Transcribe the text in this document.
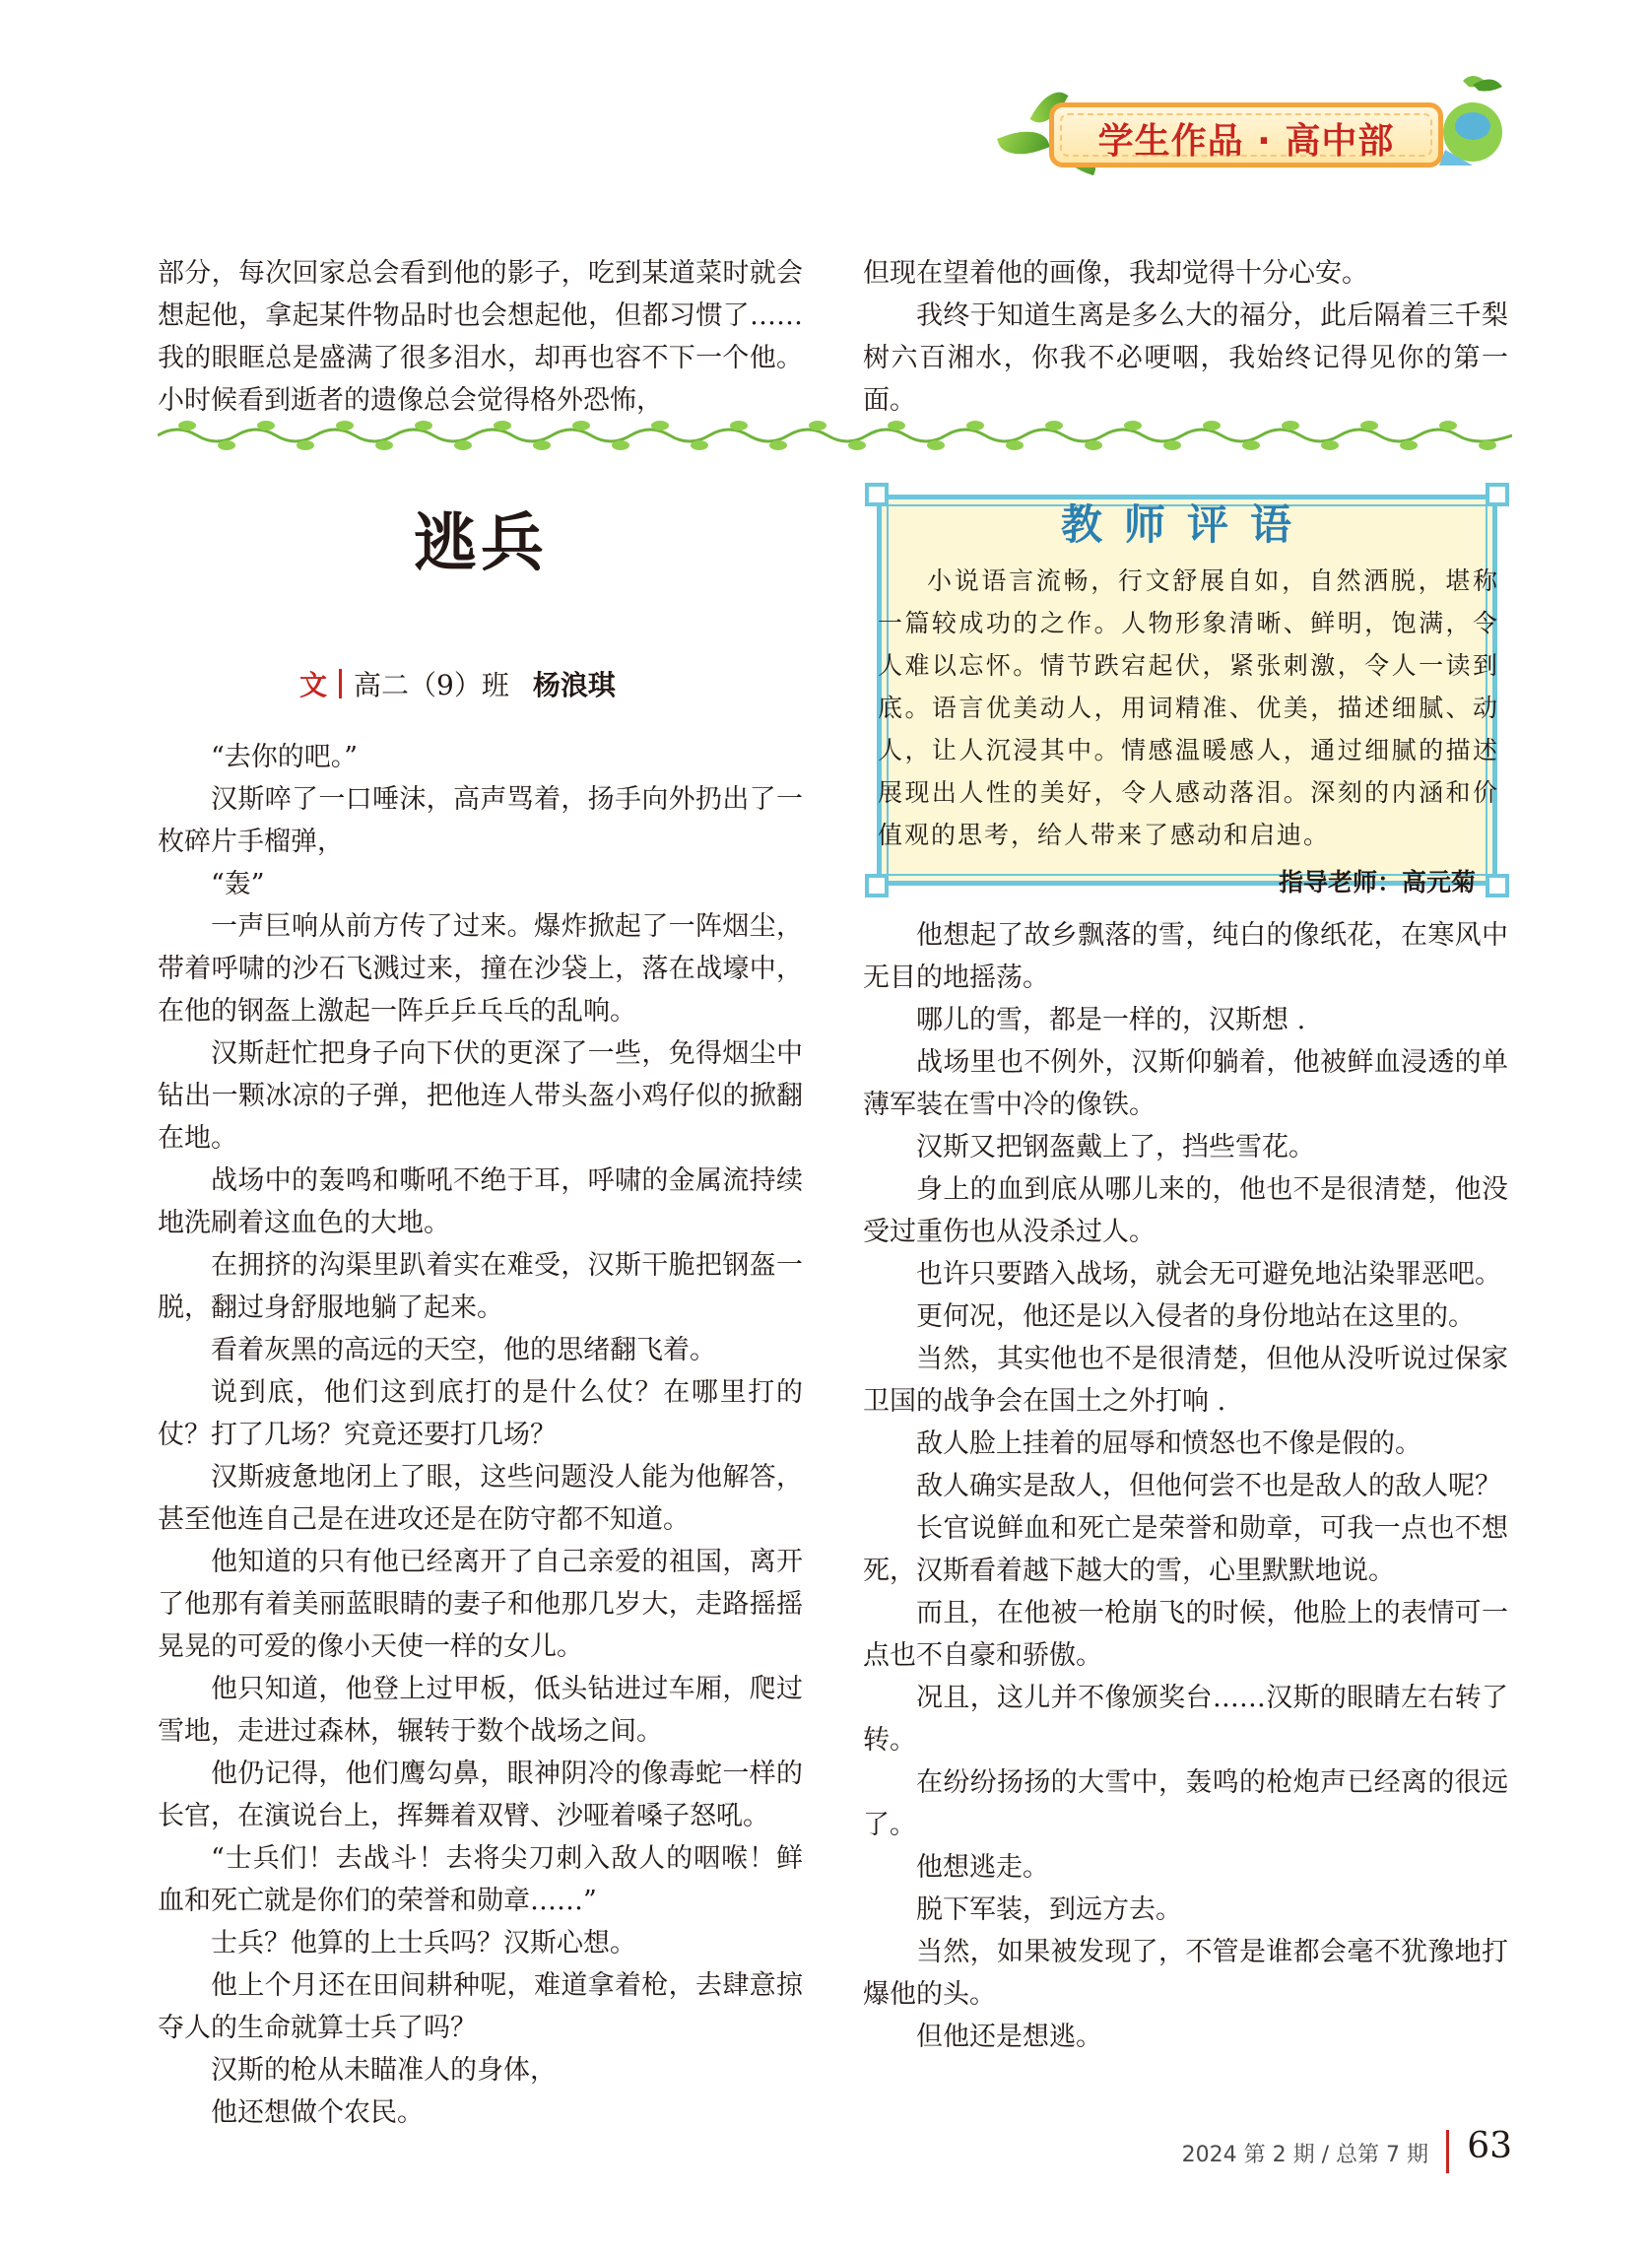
学生作品 · 高中部

部分，每次回家总会看到他的影子，吃到某道菜时就会想起他，拿起某件物品时也会想起他，但都习惯了……我的眼眶总是盛满了很多泪水，却再也容不下一个他。小时候看到逝者的遗像总会觉得格外恐怖，

但现在望着他的画像，我却觉得十分心安。

我终于知道生离是多么大的福分，此后隔着三千梨树六百湘水，你我不必哽咽，我始终记得见你的第一面。

逃兵
文 高二（9）班 杨浪琪
教师评语
小说语言流畅，行文舒展自如，自然洒脱，堪称一篇较成功的之作。人物形象清晰、鲜明，饱满，令人难以忘怀。情节跌宕起伏，紧张刺激，令人一读到底。语言优美动人，用词精准、优美，描述细腻、动人，让人沉浸其中。情感温暖感人，通过细腻的描述展现出人性的美好，令人感动落泪。深刻的内涵和价值观的思考，给人带来了感动和启迪。
指导老师：高元菊

“去你的吧。”

汉斯啐了一口唾沫，高声骂着，扬手向外扔出了一枚碎片手榴弹，

“轰”

一声巨响从前方传了过来。爆炸掀起了一阵烟尘，带着呼啸的沙石飞溅过来，撞在沙袋上，落在战壕中，在他的钢盔上激起一阵乒乒乓乓的乱响。

汉斯赶忙把身子向下伏的更深了一些，免得烟尘中钻出一颗冰凉的子弹，把他连人带头盔小鸡仔似的掀翻在地。

战场中的轰鸣和嘶吼不绝于耳，呼啸的金属流持续地洗刷着这血色的大地。

在拥挤的沟渠里趴着实在难受，汉斯干脆把钢盔一脱，翻过身舒服地躺了起来。

看着灰黑的高远的天空，他的思绪翻飞着。

说到底，他们这到底打的是什么仗？在哪里打的仗？打了几场？究竟还要打几场？

汉斯疲惫地闭上了眼，这些问题没人能为他解答，甚至他连自己是在进攻还是在防守都不知道。

他知道的只有他已经离开了自己亲爱的祖国，离开了他那有着美丽蓝眼睛的妻子和他那几岁大，走路摇摇晃晃的可爱的像小天使一样的女儿。

他只知道，他登上过甲板，低头钻进过车厢，爬过雪地，走进过森林，辗转于数个战场之间。

他仍记得，他们鹰勾鼻，眼神阴冷的像毒蛇一样的长官，在演说台上，挥舞着双臂、沙哑着嗓子怒吼。

“士兵们！去战斗！去将尖刀刺入敌人的咽喉！鲜血和死亡就是你们的荣誉和勋章……”

士兵？他算的上士兵吗？汉斯心想。

他上个月还在田间耕种呢，难道拿着枪，去肆意掠夺人的生命就算士兵了吗？

汉斯的枪从未瞄准人的身体，

他还想做个农民。

他想起了故乡飘落的雪，纯白的像纸花，在寒风中无目的地摇荡。

哪儿的雪，都是一样的，汉斯想 .

战场里也不例外，汉斯仰躺着，他被鲜血浸透的单薄军装在雪中冷的像铁。

汉斯又把钢盔戴上了，挡些雪花。

身上的血到底从哪儿来的，他也不是很清楚，他没受过重伤也从没杀过人。

也许只要踏入战场，就会无可避免地沾染罪恶吧。

更何况，他还是以入侵者的身份地站在这里的。

当然，其实他也不是很清楚，但他从没听说过保家卫国的战争会在国土之外打响 .

敌人脸上挂着的屈辱和愤怒也不像是假的。

敌人确实是敌人，但他何尝不也是敌人的敌人呢？

长官说鲜血和死亡是荣誉和勋章，可我一点也不想死，汉斯看着越下越大的雪，心里默默地说。

而且，在他被一枪崩飞的时候，他脸上的表情可一点也不自豪和骄傲。

况且，这儿并不像颁奖台……汉斯的眼睛左右转了转。

在纷纷扬扬的大雪中，轰鸣的枪炮声已经离的很远了。

他想逃走。

脱下军装，到远方去。

当然，如果被发现了，不管是谁都会毫不犹豫地打爆他的头。

但他还是想逃。

2024 第 2 期 / 总第 7 期 63
